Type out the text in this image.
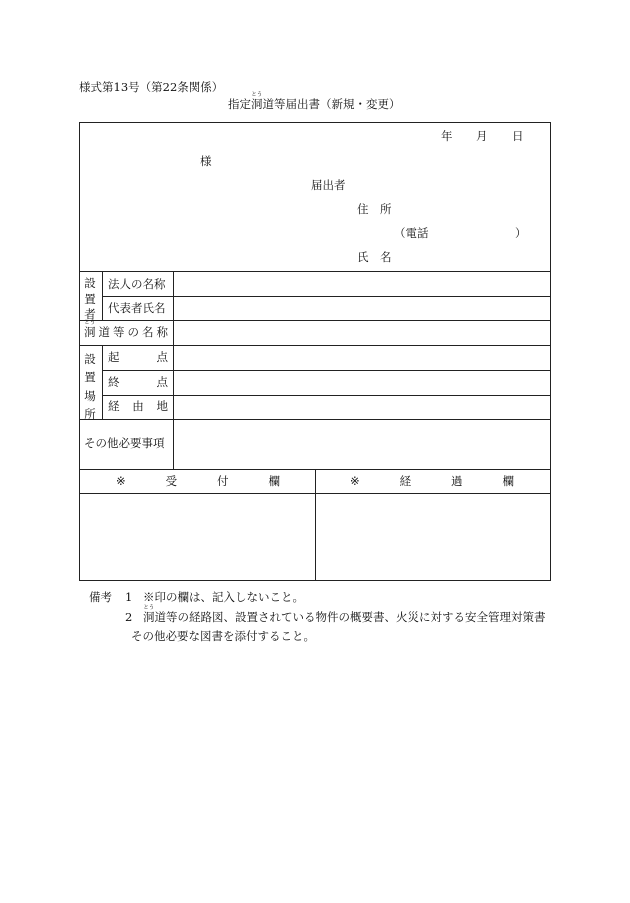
様式第13号（第22条関係）
指定
とう
洞道等届出書（新規・変更）
年 月 日
様
届出者
住　所
（電話	）
氏　名
設
置
者
法人の名称
代表者氏名
とう
洞 道 等 の 名 称
設
置
場
所
起	点
終	点
経 由 地
その他必要事項
※	受	付	欄	※	経	過	欄
備考 1 ※印の欄は、記入しないこと。
2
とう
洞道等の経路図、設置されている物件の概要書、火災に対する安全管理対策書
その他必要な図書を添付すること。
